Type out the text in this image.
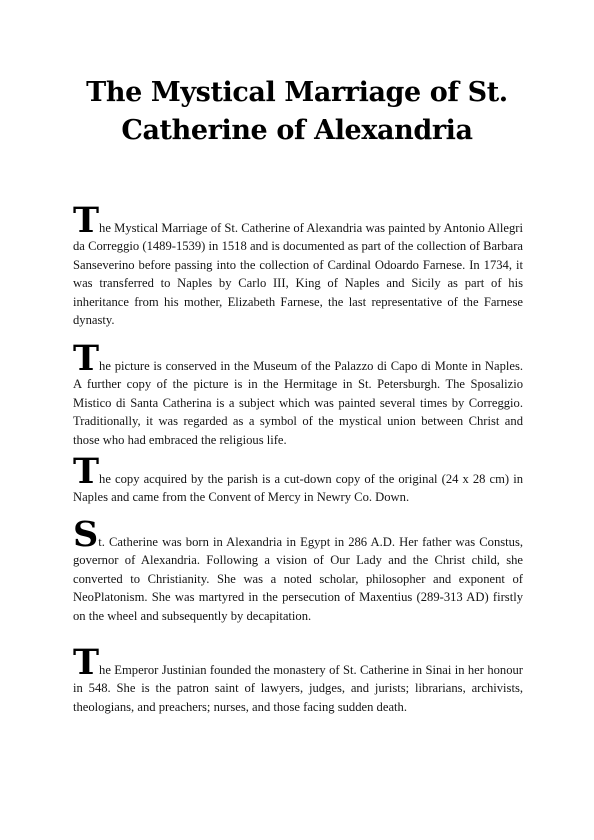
The Mystical Marriage of St. Catherine of Alexandria

The Mystical Marriage of St. Catherine of Alexandria was painted by Antonio Allegri da Correggio (1489-1539) in 1518 and is documented as part of the collection of Barbara Sanseverino before passing into the collection of Cardinal Odoardo Farnese. In 1734, it was transferred to Naples by Carlo III, King of Naples and Sicily as part of his inheritance from his mother, Elizabeth Farnese, the last representative of the Farnese dynasty.

The picture is conserved in the Museum of the Palazzo di Capo di Monte in Naples. A further copy of the picture is in the Hermitage in St. Petersburgh. The Sposalizio Mistico di Santa Catherina is a subject which was painted several times by Correggio. Traditionally, it was regarded as a symbol of the mystical union between Christ and those who had embraced the religious life.

The copy acquired by the parish is a cut-down copy of the original (24 x 28 cm) in Naples and came from the Convent of Mercy in Newry Co. Down.

St. Catherine was born in Alexandria in Egypt in 286 A.D. Her father was Constus, governor of Alexandria. Following a vision of Our Lady and the Christ child, she converted to Christianity. She was a noted scholar, philosopher and exponent of NeoPlatonism. She was martyred in the persecution of Maxentius (289-313 AD) firstly on the wheel and subsequently by decapitation.

The Emperor Justinian founded the monastery of St. Catherine in Sinai in her honour in 548. She is the patron saint of lawyers, judges, and jurists; librarians, archivists, theologians, and preachers; nurses, and those facing sudden death.
